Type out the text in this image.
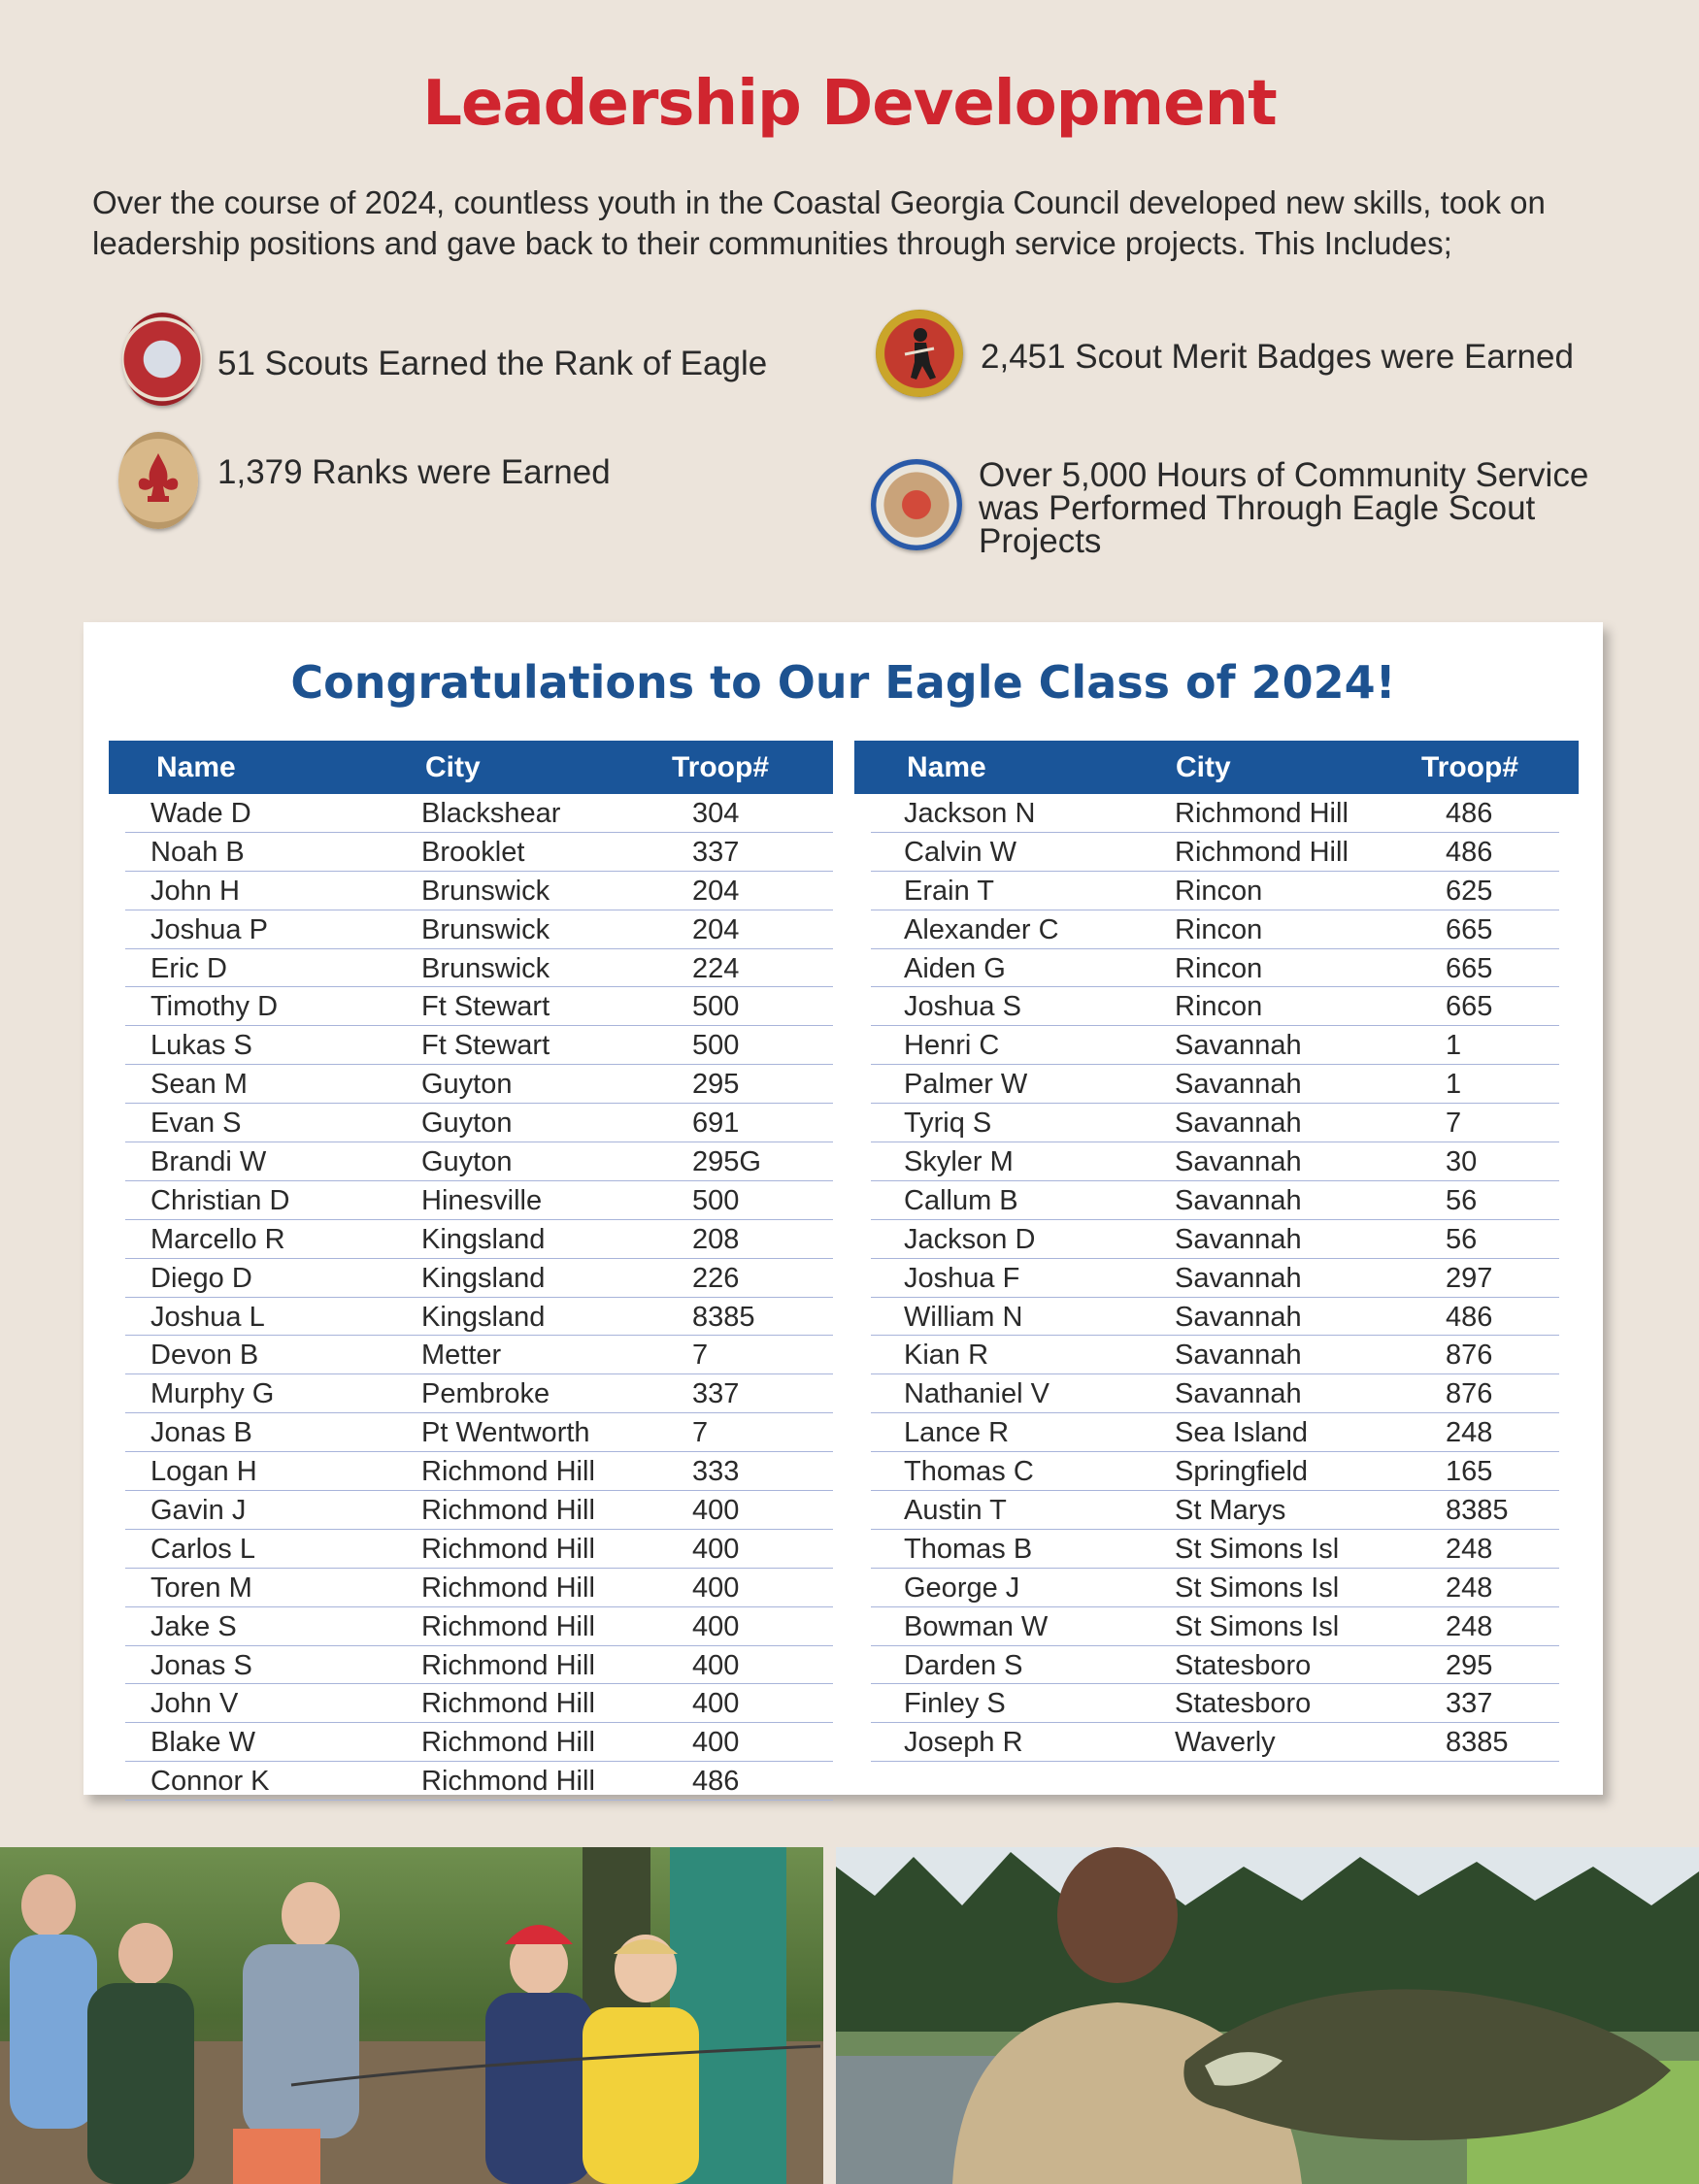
Leadership Development

Over the course of 2024, countless youth in the Coastal Georgia Council developed new skills, took on leadership positions and gave back to their communities through service projects. This Includes;

51 Scouts Earned the Rank of Eagle	2,451 Scout Merit Badges were Earned
1,379 Ranks were Earned	Over 5,000 Hours of Community Service was Performed Through Eagle Scout Projects
Congratulations to Our Eagle Class of 2024!
Name	City	Troop#
Wade D	Blackshear	304
Noah B	Brooklet	337
John H	Brunswick	204
Joshua P	Brunswick	204
Eric D	Brunswick	224
Timothy D	Ft Stewart	500
Lukas S	Ft Stewart	500
Sean M	Guyton	295
Evan S	Guyton	691
Brandi W	Guyton	295G
Christian D	Hinesville	500
Marcello R	Kingsland	208
Diego D	Kingsland	226
Joshua L	Kingsland	8385
Devon B	Metter	7
Murphy G	Pembroke	337
Jonas B	Pt Wentworth	7
Logan H	Richmond Hill	333
Gavin J	Richmond Hill	400
Carlos L	Richmond Hill	400
Toren M	Richmond Hill	400
Jake S	Richmond Hill	400
Jonas S	Richmond Hill	400
John V	Richmond Hill	400
Blake W	Richmond Hill	400
Connor K	Richmond Hill	486
Name	City	Troop#
Jackson N	Richmond Hill	486
Calvin W	Richmond Hill	486
Erain T	Rincon	625
Alexander C	Rincon	665
Aiden G	Rincon	665
Joshua S	Rincon	665
Henri C	Savannah	1
Palmer W	Savannah	1
Tyriq S	Savannah	7
Skyler M	Savannah	30
Callum B	Savannah	56
Jackson D	Savannah	56
Joshua F	Savannah	297
William N	Savannah	486
Kian R	Savannah	876
Nathaniel V	Savannah	876
Lance R	Sea Island	248
Thomas C	Springfield	165
Austin T	St Marys	8385
Thomas B	St Simons Isl	248
George J	St Simons Isl	248
Bowman W	St Simons Isl	248
Darden S	Statesboro	295
Finley S	Statesboro	337
Joseph R	Waverly	8385
